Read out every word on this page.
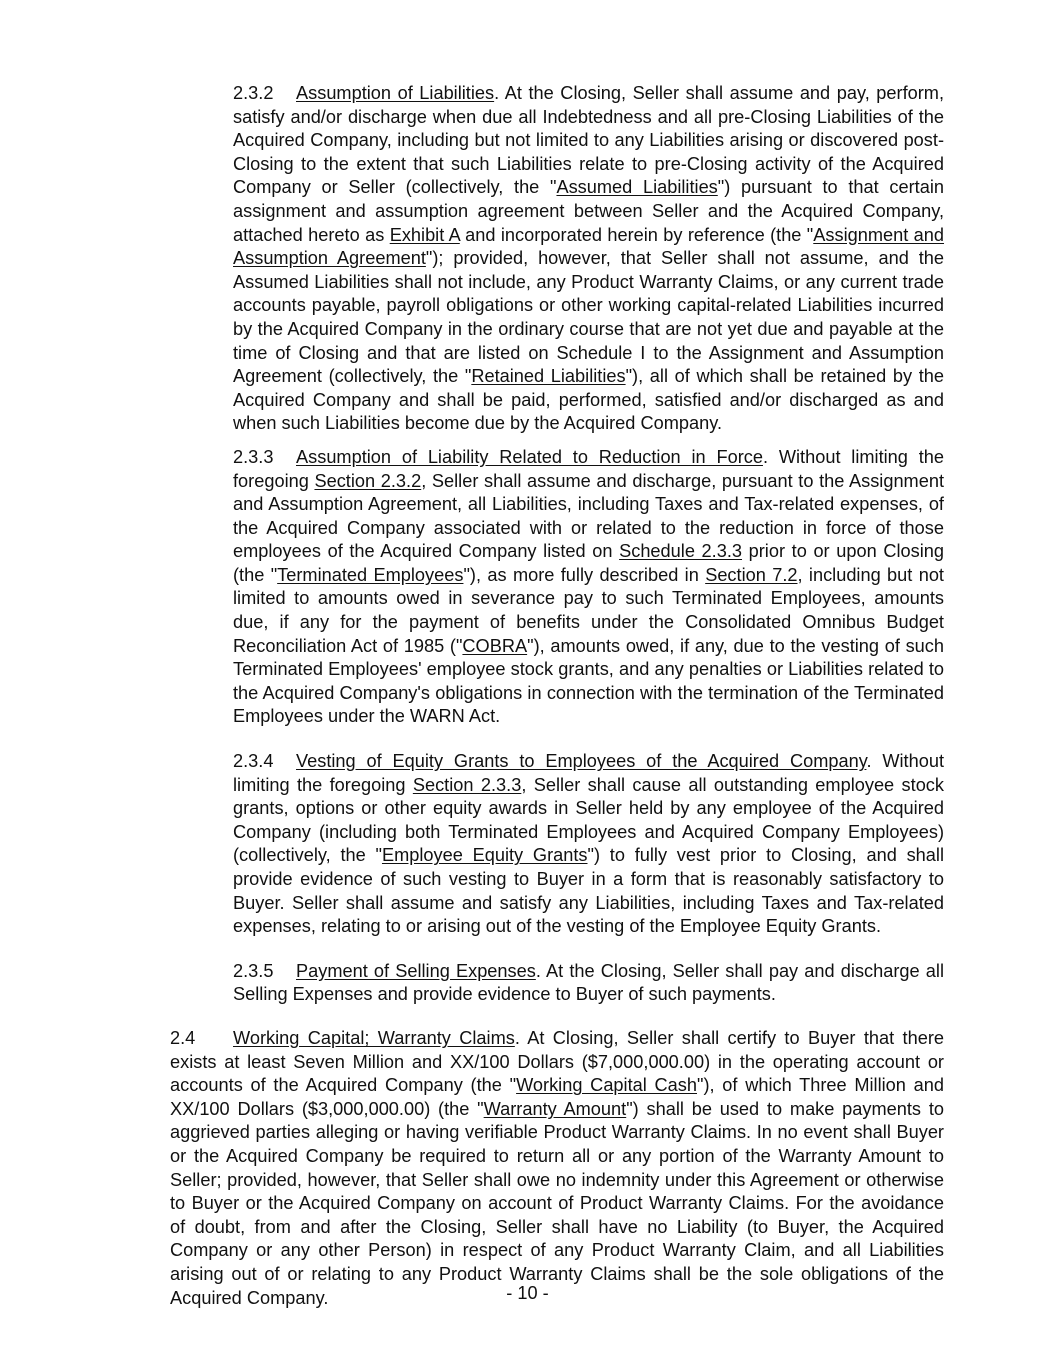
2.3.2 Assumption of Liabilities. At the Closing, Seller shall assume and pay, perform, satisfy and/or discharge when due all Indebtedness and all pre-Closing Liabilities of the Acquired Company, including but not limited to any Liabilities arising or discovered post-Closing to the extent that such Liabilities relate to pre-Closing activity of the Acquired Company or Seller (collectively, the "Assumed Liabilities") pursuant to that certain assignment and assumption agreement between Seller and the Acquired Company, attached hereto as Exhibit A and incorporated herein by reference (the "Assignment and Assumption Agreement"); provided, however, that Seller shall not assume, and the Assumed Liabilities shall not include, any Product Warranty Claims, or any current trade accounts payable, payroll obligations or other working capital-related Liabilities incurred by the Acquired Company in the ordinary course that are not yet due and payable at the time of Closing and that are listed on Schedule I to the Assignment and Assumption Agreement (collectively, the "Retained Liabilities"), all of which shall be retained by the Acquired Company and shall be paid, performed, satisfied and/or discharged as and when such Liabilities become due by the Acquired Company.

2.3.3 Assumption of Liability Related to Reduction in Force. Without limiting the foregoing Section 2.3.2, Seller shall assume and discharge, pursuant to the Assignment and Assumption Agreement, all Liabilities, including Taxes and Tax-related expenses, of the Acquired Company associated with or related to the reduction in force of those employees of the Acquired Company listed on Schedule 2.3.3 prior to or upon Closing (the "Terminated Employees"), as more fully described in Section 7.2, including but not limited to amounts owed in severance pay to such Terminated Employees, amounts due, if any for the payment of benefits under the Consolidated Omnibus Budget Reconciliation Act of 1985 ("COBRA"), amounts owed, if any, due to the vesting of such Terminated Employees' employee stock grants, and any penalties or Liabilities related to the Acquired Company's obligations in connection with the termination of the Terminated Employees under the WARN Act.

2.3.4 Vesting of Equity Grants to Employees of the Acquired Company. Without limiting the foregoing Section 2.3.3, Seller shall cause all outstanding employee stock grants, options or other equity awards in Seller held by any employee of the Acquired Company (including both Terminated Employees and Acquired Company Employees) (collectively, the "Employee Equity Grants") to fully vest prior to Closing, and shall provide evidence of such vesting to Buyer in a form that is reasonably satisfactory to Buyer. Seller shall assume and satisfy any Liabilities, including Taxes and Tax-related expenses, relating to or arising out of the vesting of the Employee Equity Grants.

2.3.5 Payment of Selling Expenses. At the Closing, Seller shall pay and discharge all Selling Expenses and provide evidence to Buyer of such payments.

2.4 Working Capital; Warranty Claims. At Closing, Seller shall certify to Buyer that there exists at least Seven Million and XX/100 Dollars ($7,000,000.00) in the operating account or accounts of the Acquired Company (the "Working Capital Cash"), of which Three Million and XX/100 Dollars ($3,000,000.00) (the "Warranty Amount") shall be used to make payments to aggrieved parties alleging or having verifiable Product Warranty Claims. In no event shall Buyer or the Acquired Company be required to return all or any portion of the Warranty Amount to Seller; provided, however, that Seller shall owe no indemnity under this Agreement or otherwise to Buyer or the Acquired Company on account of Product Warranty Claims. For the avoidance of doubt, from and after the Closing, Seller shall have no Liability (to Buyer, the Acquired Company or any other Person) in respect of any Product Warranty Claim, and all Liabilities arising out of or relating to any Product Warranty Claims shall be the sole obligations of the Acquired Company.	- 10 -
